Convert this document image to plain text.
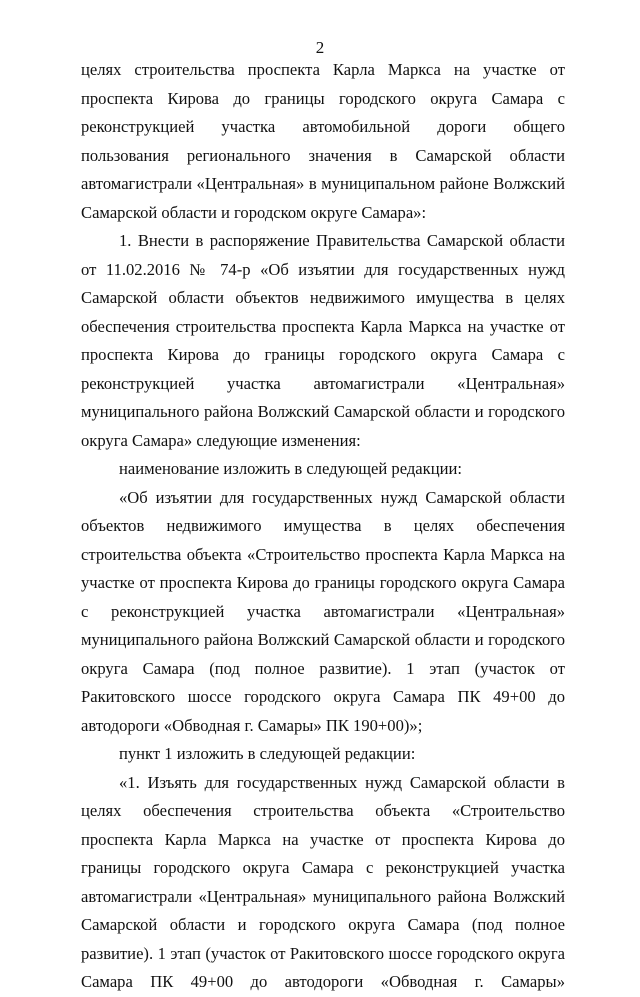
2

целях строительства проспекта Карла Маркса на участке от проспекта Кирова до границы городского округа Самара с реконструкцией участка автомобильной дороги общего пользования регионального значения в Самарской области автомагистрали «Центральная» в муниципальном районе Волжский Самарской области и городском округе Самара»:

1. Внести в распоряжение Правительства Самарской области от 11.02.2016 № 74-р «Об изъятии для государственных нужд Самарской области объектов недвижимого имущества в целях обеспечения строительства проспекта Карла Маркса на участке от проспекта Кирова до границы городского округа Самара с реконструкцией участка автомагистрали «Центральная» муниципального района Волжский Самарской области и городского округа Самара» следующие изменения:

наименование изложить в следующей редакции:

«Об изъятии для государственных нужд Самарской области объектов недвижимого имущества в целях обеспечения строительства объекта «Строительство проспекта Карла Маркса на участке от проспекта Кирова до границы городского округа Самара с реконструкцией участка автомагистрали «Центральная» муниципального района Волжский Самарской области и городского округа Самара (под полное развитие). 1 этап (участок от Ракитовского шоссе городского округа Самара ПК 49+00 до автодороги «Обводная г. Самары» ПК 190+00)»;

пункт 1 изложить в следующей редакции:

«1. Изъять для государственных нужд Самарской области в целях обеспечения строительства объекта «Строительство проспекта Карла Маркса на участке от проспекта Кирова до границы городского округа Самара с реконструкцией участка автомагистрали «Центральная» муниципального района Волжский Самарской области и городского округа Самара (под полное развитие). 1 этап (участок от Ракитовского шоссе городского округа Самара ПК 49+00 до автодороги «Обводная г. Самары»
